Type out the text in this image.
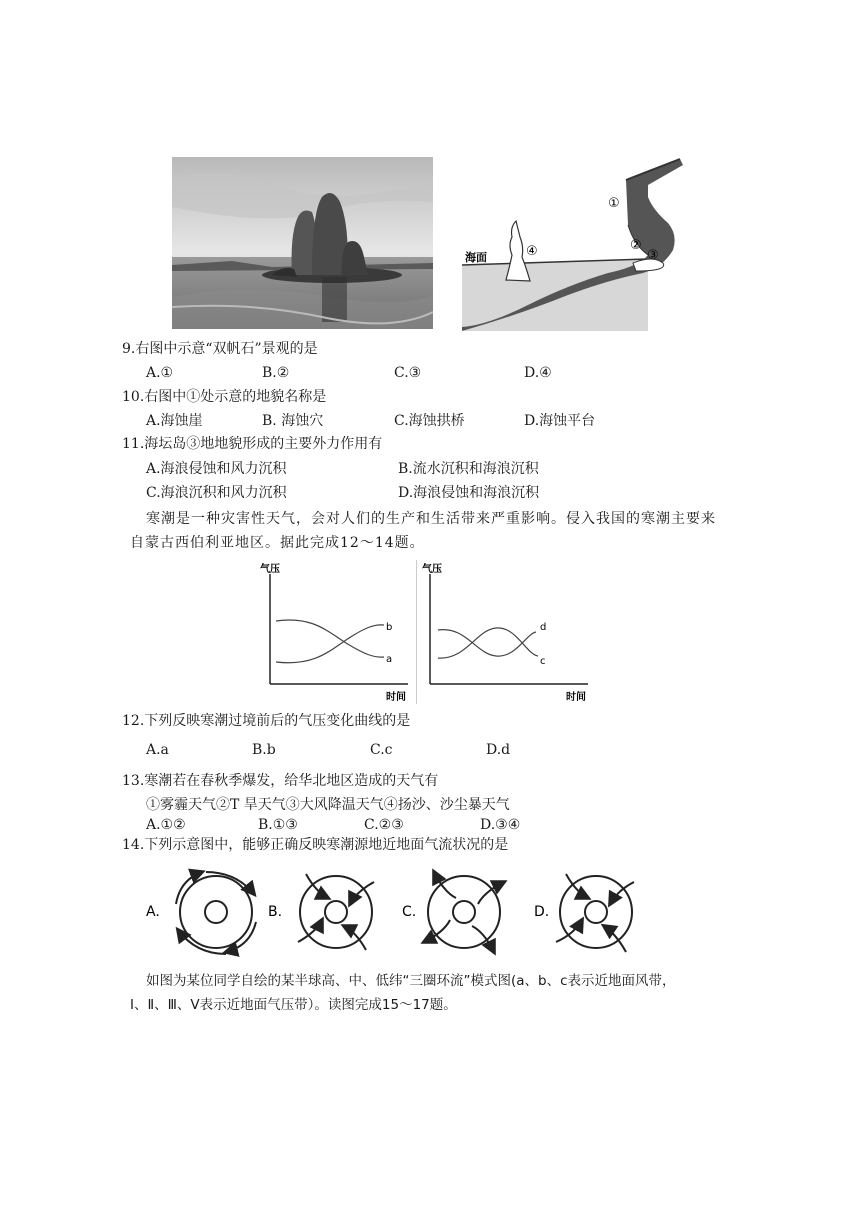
海面
①
②
③
④
9.右图中示意“双帆石”景观的是
A.①	B.②	C.③	D.④
10.右图中①处示意的地貌名称是
A.海蚀崖	B. 海蚀穴	C.海蚀拱桥	D.海蚀平台
11.海坛岛③地地貌形成的主要外力作用有
A.海浪侵蚀和风力沉积	B.流水沉积和海浪沉积
C.海浪沉积和风力沉积	D.海浪侵蚀和海浪沉积
寒潮是一种灾害性天气，会对人们的生产和生活带来严重影响。侵入我国的寒潮主要来
自蒙古西伯利亚地区。据此完成12～14题。
气压
时间
b
a
气压
时间
d
c
12.下列反映寒潮过境前后的气压变化曲线的是
A.a	B.b	C.c	D.d
13.寒潮若在春秋季爆发，给华北地区造成的天气有
①雾霾天气②T 旱天气③大风降温天气④扬沙、沙尘暴天气
A.①②	B.①③	C.②③	D.③④
14.下列示意图中，能够正确反映寒潮源地近地面气流状况的是
A.	B.	C.	D.
如图为某位同学自绘的某半球高、中、低纬“三圈环流”模式图(a、b、c表示近地面风带，
Ⅰ、Ⅱ、Ⅲ、Ⅴ表示近地面气压带）。读图完成15～17题。
